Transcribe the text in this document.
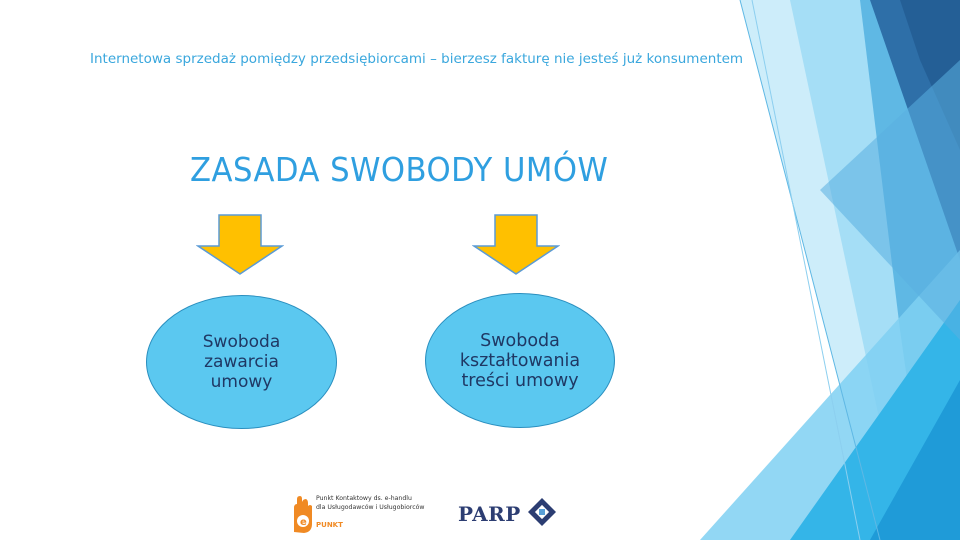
Internetowa sprzedaż pomiędzy przedsiębiorcami – bierzesz fakturę nie jesteś już konsumentem
ZASADA SWOBODY UMÓW
Swoboda
zawarcia
umowy
Swoboda
kształtowania
treści umowy
e
Punkt Kontaktowy ds. e-handlu
dla Usługodawców i Usługobiorców
PUNKT	PARP
